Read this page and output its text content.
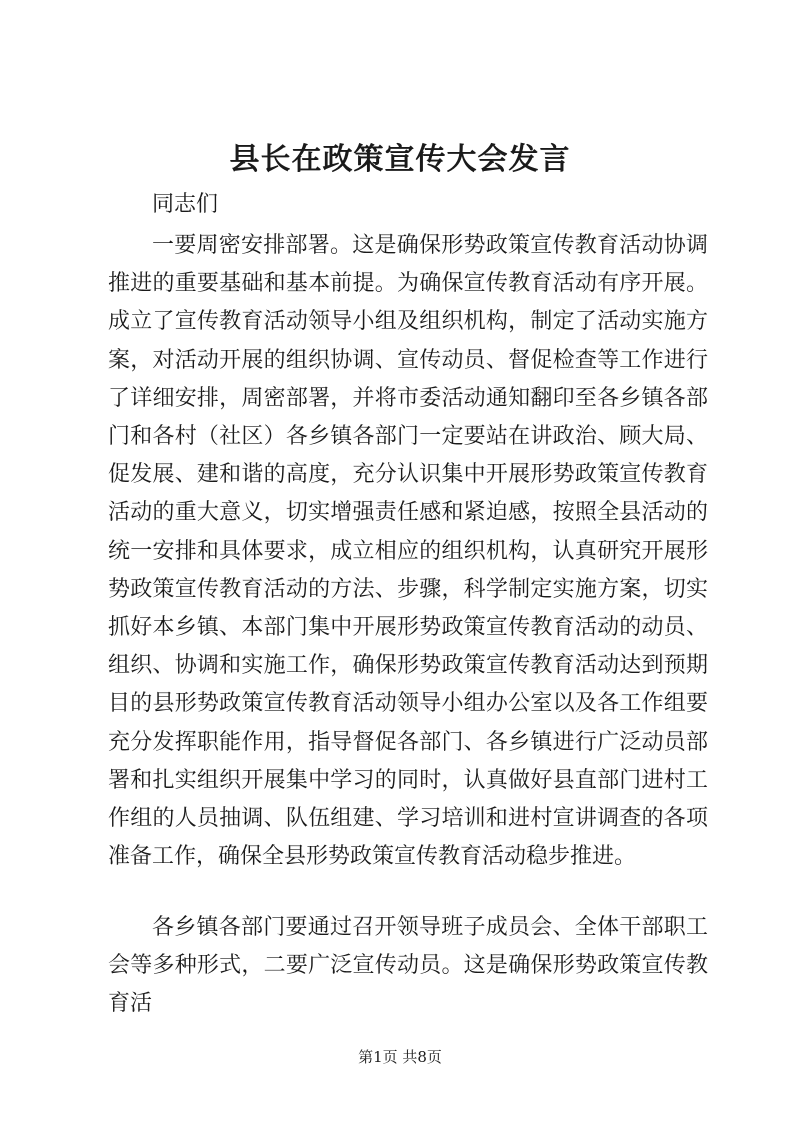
县长在政策宣传大会发言

同志们

一要周密安排部署。这是确保形势政策宣传教育活动协调推进的重要基础和基本前提。为确保宣传教育活动有序开展。成立了宣传教育活动领导小组及组织机构，制定了活动实施方案，对活动开展的组织协调、宣传动员、督促检查等工作进行了详细安排，周密部署，并将市委活动通知翻印至各乡镇各部门和各村（社区）各乡镇各部门一定要站在讲政治、顾大局、促发展、建和谐的高度，充分认识集中开展形势政策宣传教育活动的重大意义，切实增强责任感和紧迫感，按照全县活动的统一安排和具体要求，成立相应的组织机构，认真研究开展形势政策宣传教育活动的方法、步骤，科学制定实施方案，切实抓好本乡镇、本部门集中开展形势政策宣传教育活动的动员、组织、协调和实施工作，确保形势政策宣传教育活动达到预期目的县形势政策宣传教育活动领导小组办公室以及各工作组要充分发挥职能作用，指导督促各部门、各乡镇进行广泛动员部署和扎实组织开展集中学习的同时，认真做好县直部门进村工作组的人员抽调、队伍组建、学习培训和进村宣讲调查的各项准备工作，确保全县形势政策宣传教育活动稳步推进。

各乡镇各部门要通过召开领导班子成员会、全体干部职工会等多种形式，二要广泛宣传动员。这是确保形势政策宣传教育活

第1页 共8页
